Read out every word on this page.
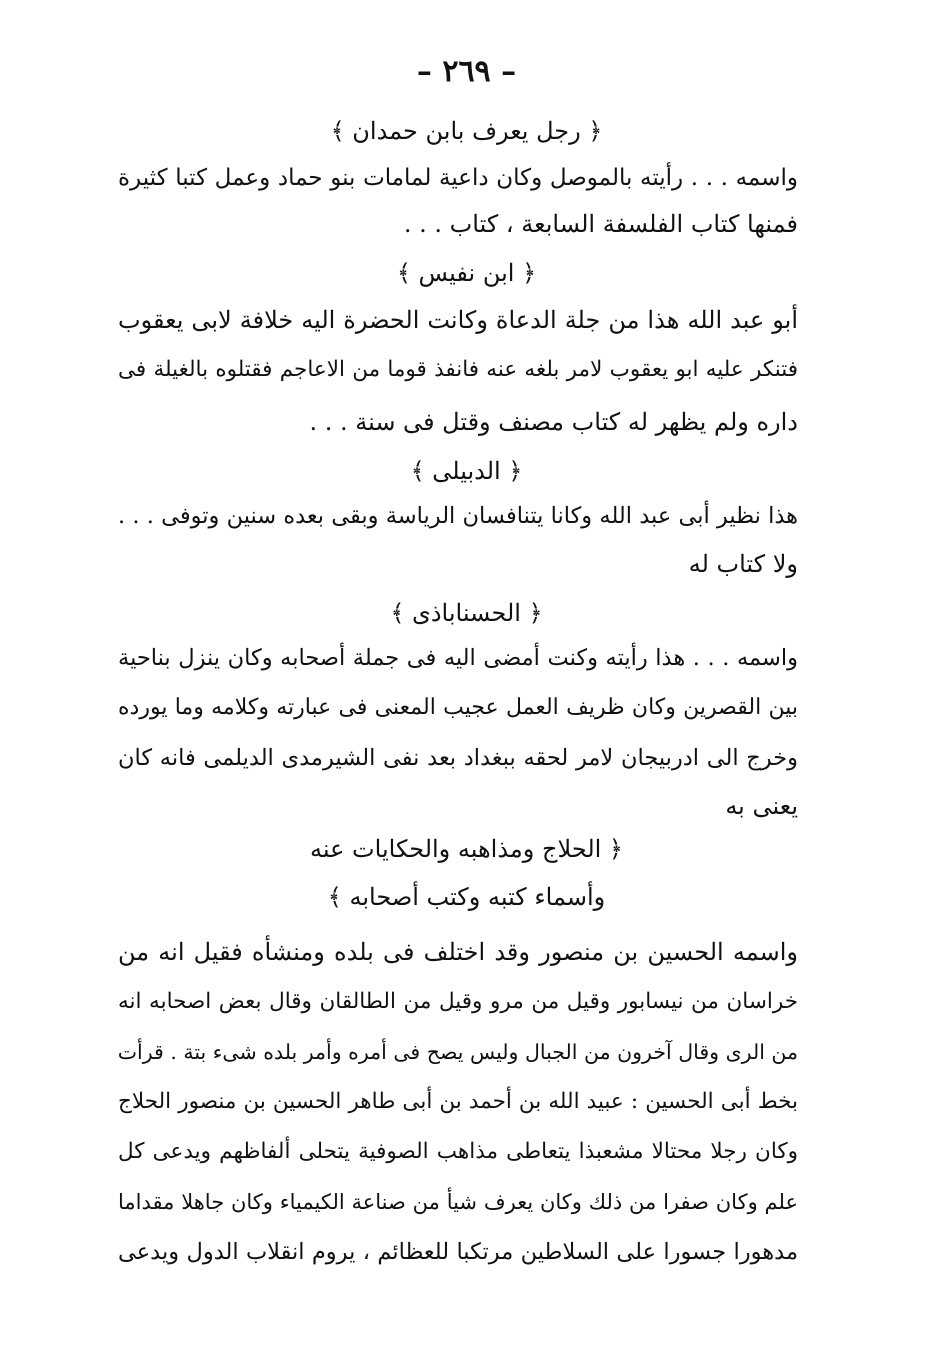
– ٢٦٩ –
﴿ رجل يعرف بابن حمدان ﴾
واسمه . . . رأيته بالموصل وكان داعية لمامات بنو حماد وعمل كتبا كثيرة
فمنها كتاب الفلسفة السابعة ، كتاب . . .
﴿ ابن نفيس ﴾
أبو عبد الله هذا من جلة الدعاة وكانت الحضرة اليه خلافة لابى يعقوب
فتنكر عليه ابو يعقوب لامر بلغه عنه فانفذ قوما من الاعاجم فقتلوه بالغيلة فى
داره ولم يظهر له كتاب مصنف وقتل فى سنة . . .
﴿ الدبيلى ﴾
هذا نظير أبى عبد الله وكانا يتنافسان الرياسة وبقى بعده سنين وتوفى . . .
ولا كتاب له
﴿ الحسناباذى ﴾
واسمه . . . هذا رأيته وكنت أمضى اليه فى جملة أصحابه وكان ينزل بناحية
بين القصرين وكان ظريف العمل عجيب المعنى فى عبارته وكلامه وما يورده
وخرج الى ادربيجان لامر لحقه ببغداد بعد نفى الشيرمدى الديلمى فانه كان
يعنى به
﴿ الحلاج ومذاهبه والحكايات عنه
وأسماء كتبه وكتب أصحابه ﴾
واسمه الحسين بن منصور وقد اختلف فى بلده ومنشأه فقيل انه من
خراسان من نيسابور وقيل من مرو وقيل من الطالقان وقال بعض اصحابه انه
من الرى وقال آخرون من الجبال وليس يصح فى أمره وأمر بلده شىء بتة . قرأت
بخط أبى الحسين : عبيد الله بن أحمد بن أبى طاهر الحسين بن منصور الحلاج
وكان رجلا محتالا مشعبذا يتعاطى مذاهب الصوفية يتحلى ألفاظهم ويدعى كل
علم وكان صفرا من ذلك وكان يعرف شيأ من صناعة الكيمياء وكان جاهلا مقداما
مدهورا جسورا على السلاطين مرتكبا للعظائم ، يروم انقلاب الدول ويدعى
